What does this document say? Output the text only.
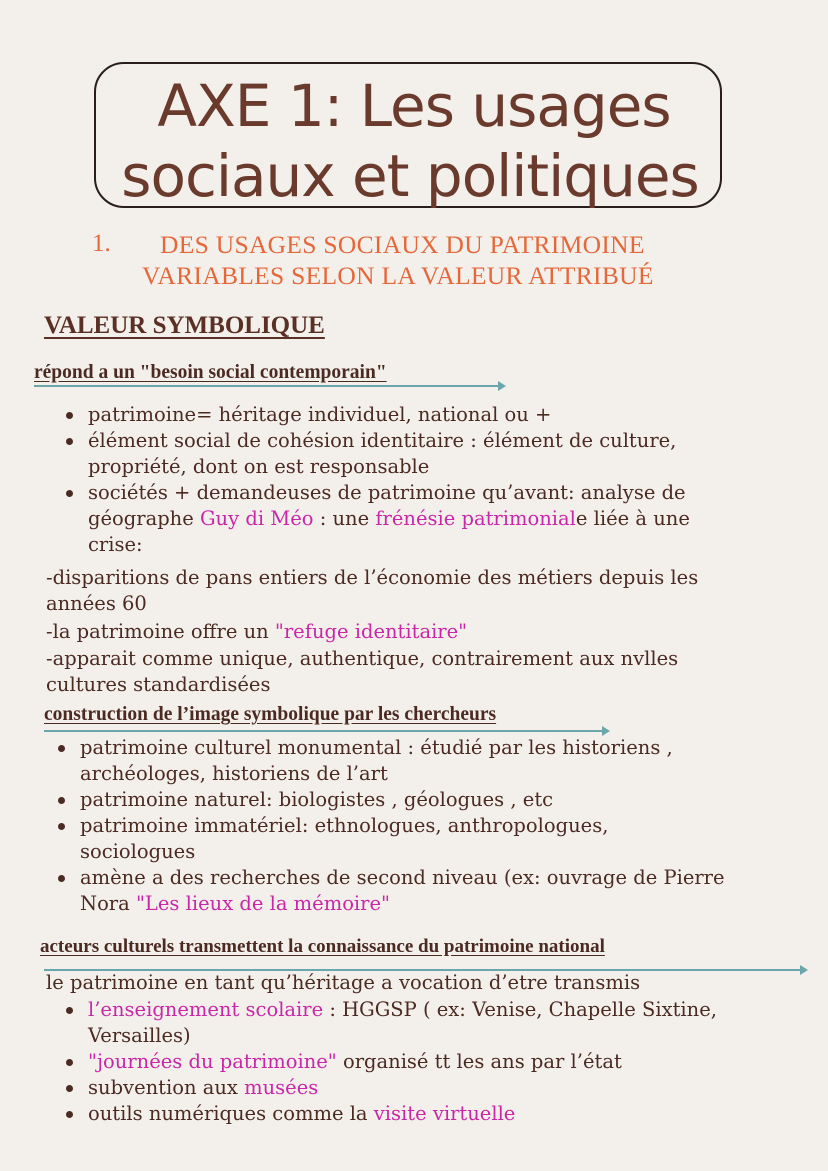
AXE 1: Les usages
sociaux et politiques
1. DES USAGES SOCIAUX DU PATRIMOINE
VARIABLES SELON LA VALEUR ATTRIBUÉ
VALEUR SYMBOLIQUE
répond a un "besoin social contemporain"
patrimoine= héritage individuel, national ou +
élément social de cohésion identitaire : élément de culture,
propriété, dont on est responsable
sociétés + demandeuses de patrimoine qu’avant: analyse de
géographe Guy di Méo : une frénésie patrimoniale liée à une
crise:
-disparitions de pans entiers de l’économie des métiers depuis les
années 60
-la patrimoine offre un "refuge identitaire"
-apparait comme unique, authentique, contrairement aux nvlles
cultures standardisées
construction de l’image symbolique par les chercheurs
patrimoine culturel monumental : étudié par les historiens ,
archéologes, historiens de l’art
patrimoine naturel: biologistes , géologues , etc
patrimoine immatériel: ethnologues, anthropologues,
sociologues
amène a des recherches de second niveau (ex: ouvrage de Pierre
Nora "Les lieux de la mémoire"
acteurs culturels transmettent la connaissance du patrimoine national
le patrimoine en tant qu’héritage a vocation d’etre transmis
l’enseignement scolaire : HGGSP ( ex: Venise, Chapelle Sixtine,
Versailles)
"journées du patrimoine" organisé tt les ans par l’état
subvention aux musées
outils numériques comme la visite virtuelle
